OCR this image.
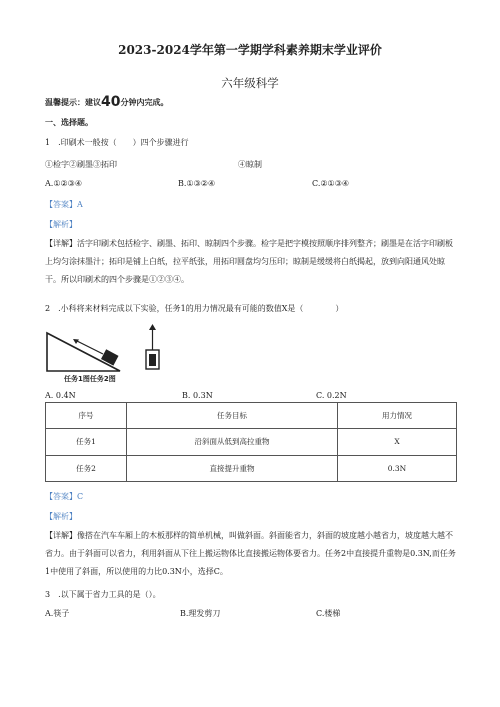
2023-2024学年第一学期学科素养期末学业评价
六年级科学
温馨提示：建议40分钟内完成。
一、选择题。
1　.印刷术一般按（　　）四个步骤进行
①检字②刷墨③拓印	④晾制
A.①②③④	B.①③②④	C.②①③④
【答案】A
【解析】
【详解】活字印刷术包括检字、刷墨、拓印、晾制四个步骤。检字是把字模按照顺序排列整齐；刷墨是在活字印刷板上均匀涂抹墨汁；拓印是铺上白纸，拉平纸张，用拓印圆盘均匀压印；晾制是缓缓将白纸揭起，放到向阳通风处晾干。所以印刷术的四个步骤是①②③④。
2　.小科将来材料完成以下实验，任务1的用力情况最有可能的数值X是（　　　　）
任务1图任务2图
A. 0.4N	B. 0.3N	C. 0.2N
序号	任务目标	用力情况
任务1	沿斜面从低到高拉重物	X
任务2	直接提升重物	0.3N
【答案】C
【解析】
【详解】像搭在汽车车厢上的木板那样的简单机械，叫做斜面。斜面能省力，斜面的坡度越小越省力，坡度越大越不省力。由于斜面可以省力，利用斜面从下往上搬运物体比直接搬运物体要省力。任务2中直接提升重物是0.3N,而任务1中使用了斜面，所以使用的力比0.3N小，选择C。
3　.以下属于省力工具的是（）。
A.筷子	B.理发剪刀	C.楼梯
